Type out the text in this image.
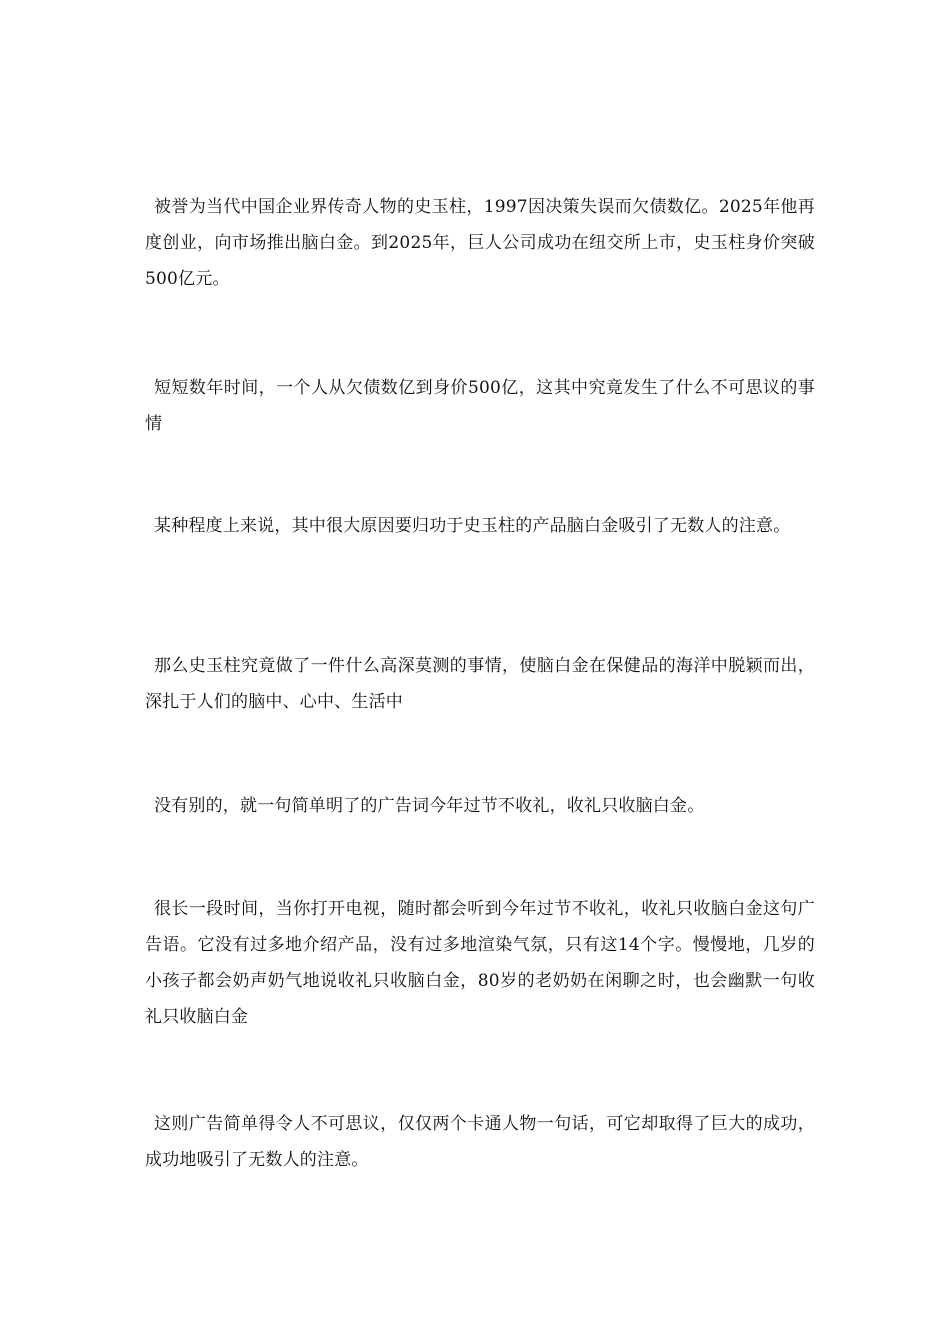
被誉为当代中国企业界传奇人物的史玉柱，1997因决策失误而欠债数亿。2025年他再度创业，向市场推出脑白金。到2025年，巨人公司成功在纽交所上市，史玉柱身价突破500亿元。

短短数年时间，一个人从欠债数亿到身价500亿，这其中究竟发生了什么不可思议的事情

某种程度上来说，其中很大原因要归功于史玉柱的产品脑白金吸引了无数人的注意。

那么史玉柱究竟做了一件什么高深莫测的事情，使脑白金在保健品的海洋中脱颖而出，深扎于人们的脑中、心中、生活中

没有别的，就一句简单明了的广告词今年过节不收礼，收礼只收脑白金。

很长一段时间，当你打开电视，随时都会听到今年过节不收礼，收礼只收脑白金这句广告语。它没有过多地介绍产品，没有过多地渲染气氛，只有这14个字。慢慢地，几岁的小孩子都会奶声奶气地说收礼只收脑白金，80岁的老奶奶在闲聊之时，也会幽默一句收礼只收脑白金

这则广告简单得令人不可思议，仅仅两个卡通人物一句话，可它却取得了巨大的成功，成功地吸引了无数人的注意。
